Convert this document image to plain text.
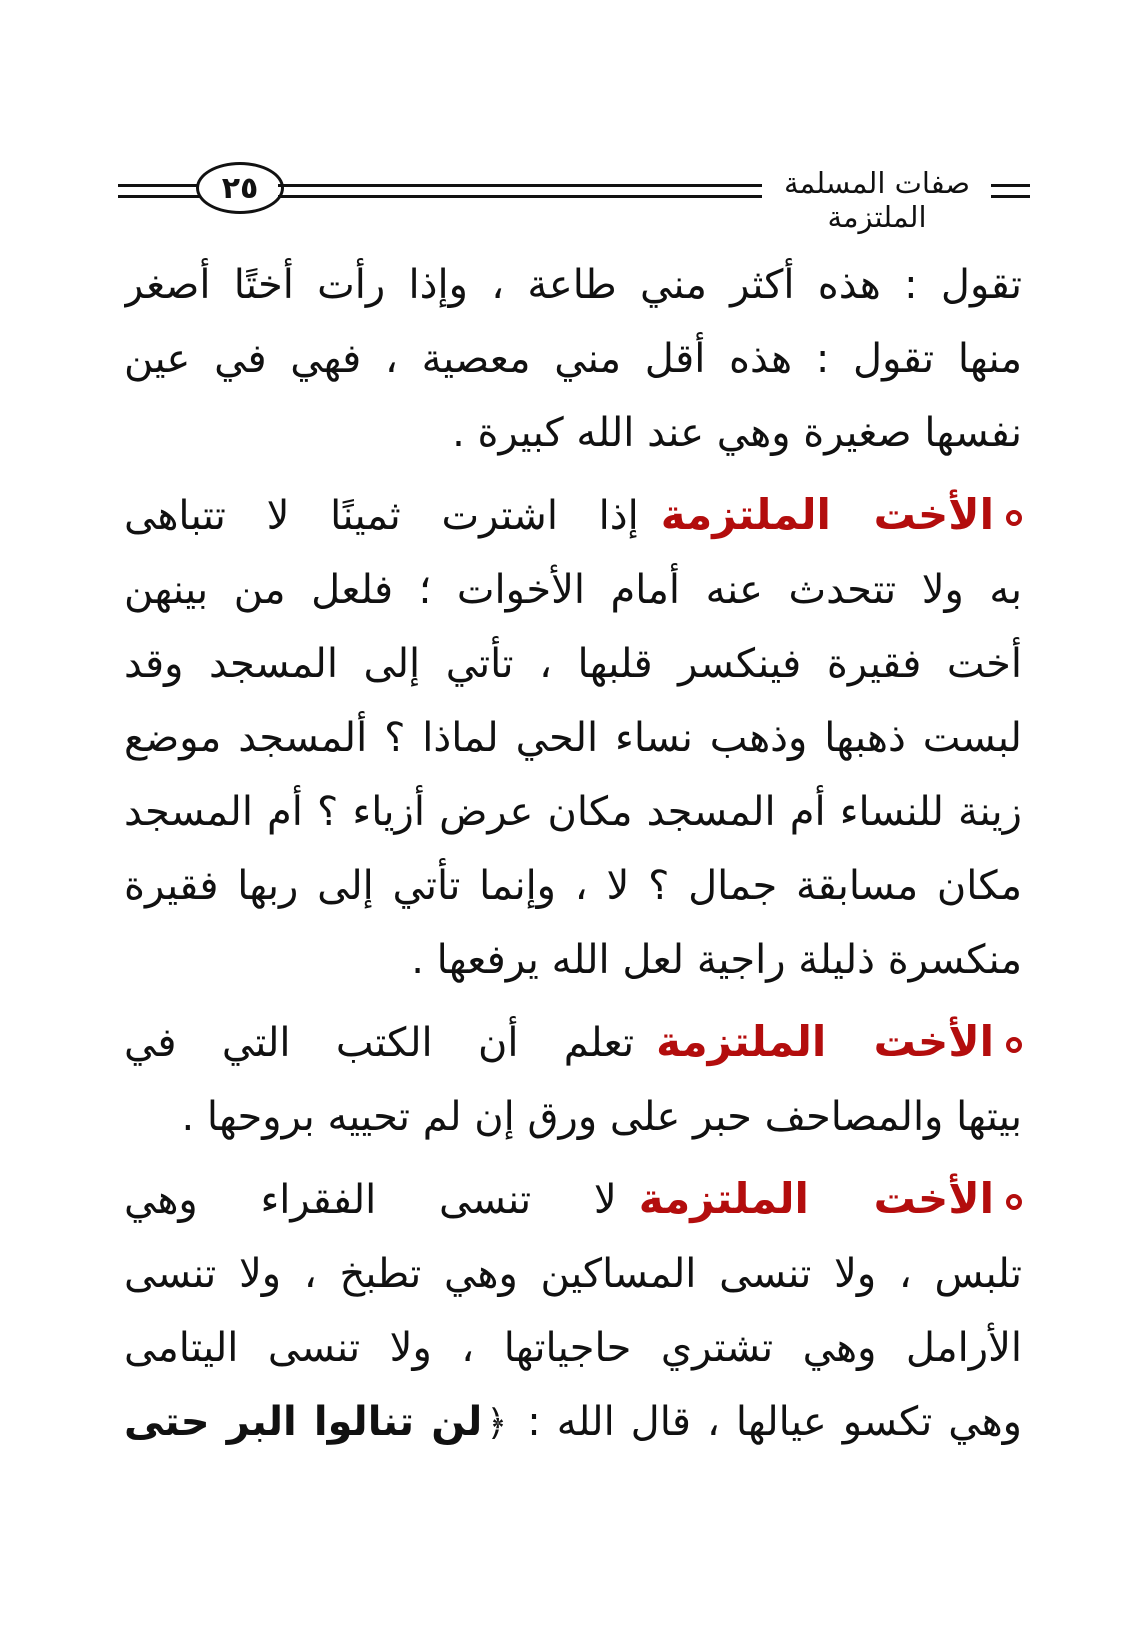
٢٥	صفات المسلمة الملتزمة
تقول : هذه أكثر مني طاعة ، وإذا رأت أختًا أصغر
منها تقول : هذه أقل مني معصية ، فهي في عين
نفسها صغيرة وهي عند الله كبيرة .
الأخت الملتزمةإذا اشترت ثمينًا لا تتباهى
به ولا تتحدث عنه أمام الأخوات ؛ فلعل من بينهن
أخت فقيرة فينكسر قلبها ، تأتي إلى المسجد وقد
لبست ذهبها وذهب نساء الحي لماذا ؟ ألمسجد موضع
زينة للنساء أم المسجد مكان عرض أزياء ؟ أم المسجد
مكان مسابقة جمال ؟ لا ، وإنما تأتي إلى ربها فقيرة
منكسرة ذليلة راجية لعل الله يرفعها .
الأخت الملتزمةتعلم أن الكتب التي في
بيتها والمصاحف حبر على ورق إن لم تحييه بروحها .
الأخت الملتزمةلا تنسى الفقراء وهي
تلبس ، ولا تنسى المساكين وهي تطبخ ، ولا تنسى
الأرامل وهي تشتري حاجياتها ، ولا تنسى اليتامى
وهي تكسو عيالها ، قال الله : ﴿لن تنالوا البر حتى
